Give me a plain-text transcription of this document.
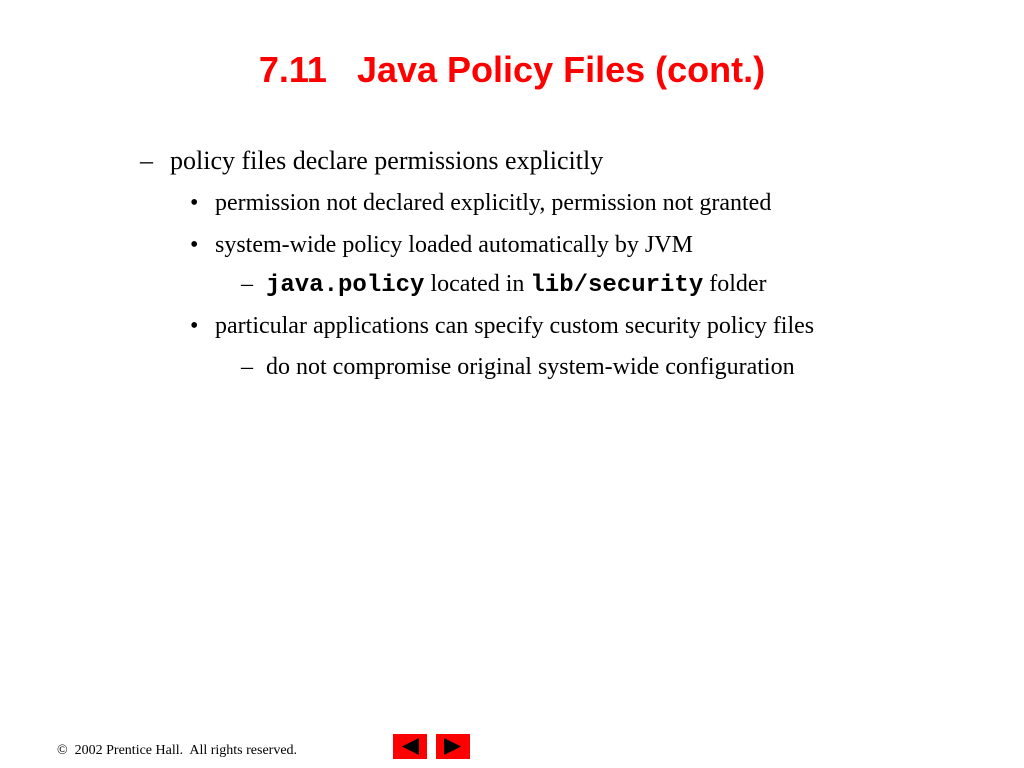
7.11   Java Policy Files (cont.)
– policy files declare permissions explicitly
• permission not declared explicitly, permission not granted
• system-wide policy loaded automatically by JVM
– java.policy located in lib/security folder
• particular applications can specify custom security policy files
– do not compromise original system-wide configuration
©  2002 Prentice Hall.  All rights reserved.
